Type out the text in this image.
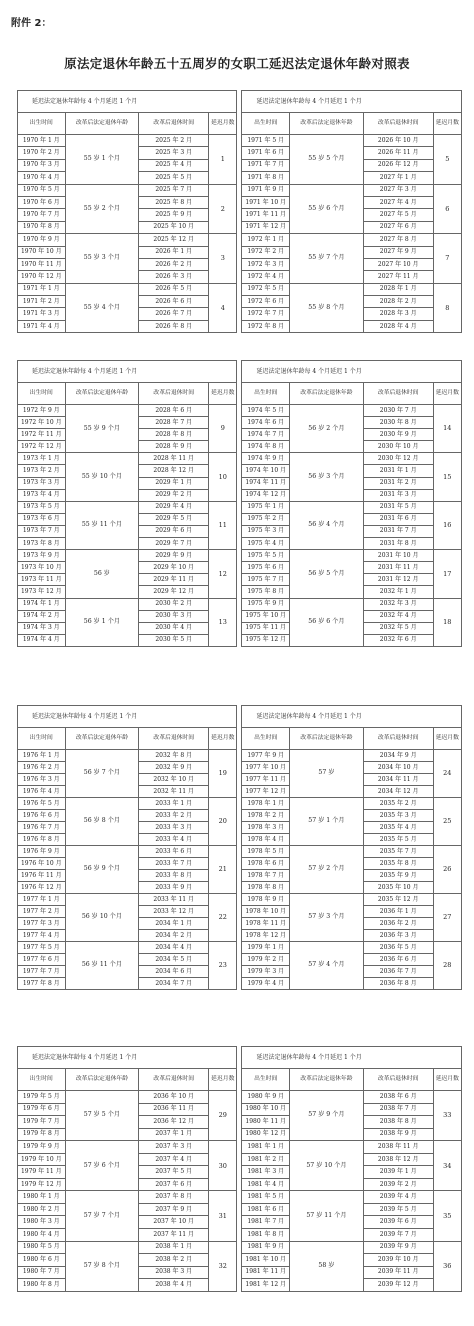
附件 2：
原法定退休年龄五十五周岁的女职工延迟法定退休年龄对照表
延迟法定退休年龄每 4 个月延迟 1 个月					延迟法定退休年龄每 4 个月延迟 1 个月			
出生时间	改革后法定退休年龄	改革后退休时间	延迟月数		出生时间	改革后法定退休年龄	改革后退休时间	延迟月数
1970 年 1 月	55 岁 1 个月	2025 年 2 月	1		1971 年 5 月	55 岁 5 个月	2026 年 10 月	5
1970 年 2 月		2025 年 3 月			1971 年 6 月		2026 年 11 月	
1970 年 3 月		2025 年 4 月			1971 年 7 月		2026 年 12 月	
1970 年 4 月		2025 年 5 月			1971 年 8 月		2027 年 1 月	
1970 年 5 月	55 岁 2 个月	2025 年 7 月	2		1971 年 9 月	55 岁 6 个月	2027 年 3 月	6
1970 年 6 月		2025 年 8 月			1971 年 10 月		2027 年 4 月	
1970 年 7 月		2025 年 9 月			1971 年 11 月		2027 年 5 月	
1970 年 8 月		2025 年 10 月			1971 年 12 月		2027 年 6 月	
1970 年 9 月	55 岁 3 个月	2025 年 12 月	3		1972 年 1 月	55 岁 7 个月	2027 年 8 月	7
1970 年 10 月		2026 年 1 月			1972 年 2 月		2027 年 9 月	
1970 年 11 月		2026 年 2 月			1972 年 3 月		2027 年 10 月	
1970 年 12 月		2026 年 3 月			1972 年 4 月		2027 年 11 月	
1971 年 1 月	55 岁 4 个月	2026 年 5 月	4		1972 年 5 月	55 岁 8 个月	2028 年 1 月	8
1971 年 2 月		2026 年 6 月			1972 年 6 月		2028 年 2 月	
1971 年 3 月		2026 年 7 月			1972 年 7 月		2028 年 3 月	
1971 年 4 月		2026 年 8 月			1972 年 8 月		2028 年 4 月	
延迟法定退休年龄每 4 个月延迟 1 个月					延迟法定退休年龄每 4 个月延迟 1 个月			
出生时间	改革后法定退休年龄	改革后退休时间	延迟月数		出生时间	改革后法定退休年龄	改革后退休时间	延迟月数
1972 年 9 月	55 岁 9 个月	2028 年 6 月	9		1974 年 5 月	56 岁 2 个月	2030 年 7 月	14
1972 年 10 月		2028 年 7 月			1974 年 6 月		2030 年 8 月	
1972 年 11 月		2028 年 8 月			1974 年 7 月		2030 年 9 月	
1972 年 12 月		2028 年 9 月			1974 年 8 月		2030 年 10 月	
1973 年 1 月	55 岁 10 个月	2028 年 11 月	10		1974 年 9 月	56 岁 3 个月	2030 年 12 月	15
1973 年 2 月		2028 年 12 月			1974 年 10 月		2031 年 1 月	
1973 年 3 月		2029 年 1 月			1974 年 11 月		2031 年 2 月	
1973 年 4 月		2029 年 2 月			1974 年 12 月		2031 年 3 月	
1973 年 5 月	55 岁 11 个月	2029 年 4 月	11		1975 年 1 月	56 岁 4 个月	2031 年 5 月	16
1973 年 6 月		2029 年 5 月			1975 年 2 月		2031 年 6 月	
1973 年 7 月		2029 年 6 月			1975 年 3 月		2031 年 7 月	
1973 年 8 月		2029 年 7 月			1975 年 4 月		2031 年 8 月	
1973 年 9 月	56 岁	2029 年 9 月	12		1975 年 5 月	56 岁 5 个月	2031 年 10 月	17
1973 年 10 月		2029 年 10 月			1975 年 6 月		2031 年 11 月	
1973 年 11 月		2029 年 11 月			1975 年 7 月		2031 年 12 月	
1973 年 12 月		2029 年 12 月			1975 年 8 月		2032 年 1 月	
1974 年 1 月	56 岁 1 个月	2030 年 2 月	13		1975 年 9 月	56 岁 6 个月	2032 年 3 月	18
1974 年 2 月		2030 年 3 月			1975 年 10 月		2032 年 4 月	
1974 年 3 月		2030 年 4 月			1975 年 11 月		2032 年 5 月	
1974 年 4 月		2030 年 5 月			1975 年 12 月		2032 年 6 月	
延迟法定退休年龄每 4 个月延迟 1 个月					延迟法定退休年龄每 4 个月延迟 1 个月			
出生时间	改革后法定退休年龄	改革后退休时间	延迟月数		出生时间	改革后法定退休年龄	改革后退休时间	延迟月数
1976 年 1 月	56 岁 7 个月	2032 年 8 月	19		1977 年 9 月	57 岁	2034 年 9 月	24
1976 年 2 月		2032 年 9 月			1977 年 10 月		2034 年 10 月	
1976 年 3 月		2032 年 10 月			1977 年 11 月		2034 年 11 月	
1976 年 4 月		2032 年 11 月			1977 年 12 月		2034 年 12 月	
1976 年 5 月	56 岁 8 个月	2033 年 1 月	20		1978 年 1 月	57 岁 1 个月	2035 年 2 月	25
1976 年 6 月		2033 年 2 月			1978 年 2 月		2035 年 3 月	
1976 年 7 月		2033 年 3 月			1978 年 3 月		2035 年 4 月	
1976 年 8 月		2033 年 4 月			1978 年 4 月		2035 年 5 月	
1976 年 9 月	56 岁 9 个月	2033 年 6 月	21		1978 年 5 月	57 岁 2 个月	2035 年 7 月	26
1976 年 10 月		2033 年 7 月			1978 年 6 月		2035 年 8 月	
1976 年 11 月		2033 年 8 月			1978 年 7 月		2035 年 9 月	
1976 年 12 月		2033 年 9 月			1978 年 8 月		2035 年 10 月	
1977 年 1 月	56 岁 10 个月	2033 年 11 月	22		1978 年 9 月	57 岁 3 个月	2035 年 12 月	27
1977 年 2 月		2033 年 12 月			1978 年 10 月		2036 年 1 月	
1977 年 3 月		2034 年 1 月			1978 年 11 月		2036 年 2 月	
1977 年 4 月		2034 年 2 月			1978 年 12 月		2036 年 3 月	
1977 年 5 月	56 岁 11 个月	2034 年 4 月	23		1979 年 1 月	57 岁 4 个月	2036 年 5 月	28
1977 年 6 月		2034 年 5 月			1979 年 2 月		2036 年 6 月	
1977 年 7 月		2034 年 6 月			1979 年 3 月		2036 年 7 月	
1977 年 8 月		2034 年 7 月			1979 年 4 月		2036 年 8 月	
延迟法定退休年龄每 4 个月延迟 1 个月					延迟法定退休年龄每 4 个月延迟 1 个月			
出生时间	改革后法定退休年龄	改革后退休时间	延迟月数		出生时间	改革后法定退休年龄	改革后退休时间	延迟月数
1979 年 5 月	57 岁 5 个月	2036 年 10 月	29		1980 年 9 月	57 岁 9 个月	2038 年 6 月	33
1979 年 6 月		2036 年 11 月			1980 年 10 月		2038 年 7 月	
1979 年 7 月		2036 年 12 月			1980 年 11 月		2038 年 8 月	
1979 年 8 月		2037 年 1 月			1980 年 12 月		2038 年 9 月	
1979 年 9 月	57 岁 6 个月	2037 年 3 月	30		1981 年 1 月	57 岁 10 个月	2038 年 11 月	34
1979 年 10 月		2037 年 4 月			1981 年 2 月		2038 年 12 月	
1979 年 11 月		2037 年 5 月			1981 年 3 月		2039 年 1 月	
1979 年 12 月		2037 年 6 月			1981 年 4 月		2039 年 2 月	
1980 年 1 月	57 岁 7 个月	2037 年 8 月	31		1981 年 5 月	57 岁 11 个月	2039 年 4 月	35
1980 年 2 月		2037 年 9 月			1981 年 6 月		2039 年 5 月	
1980 年 3 月		2037 年 10 月			1981 年 7 月		2039 年 6 月	
1980 年 4 月		2037 年 11 月			1981 年 8 月		2039 年 7 月	
1980 年 5 月	57 岁 8 个月	2038 年 1 月	32		1981 年 9 月	58 岁	2039 年 9 月	36
1980 年 6 月		2038 年 2 月			1981 年 10 月		2039 年 10 月	
1980 年 7 月		2038 年 3 月			1981 年 11 月		2039 年 11 月	
1980 年 8 月		2038 年 4 月			1981 年 12 月		2039 年 12 月	
